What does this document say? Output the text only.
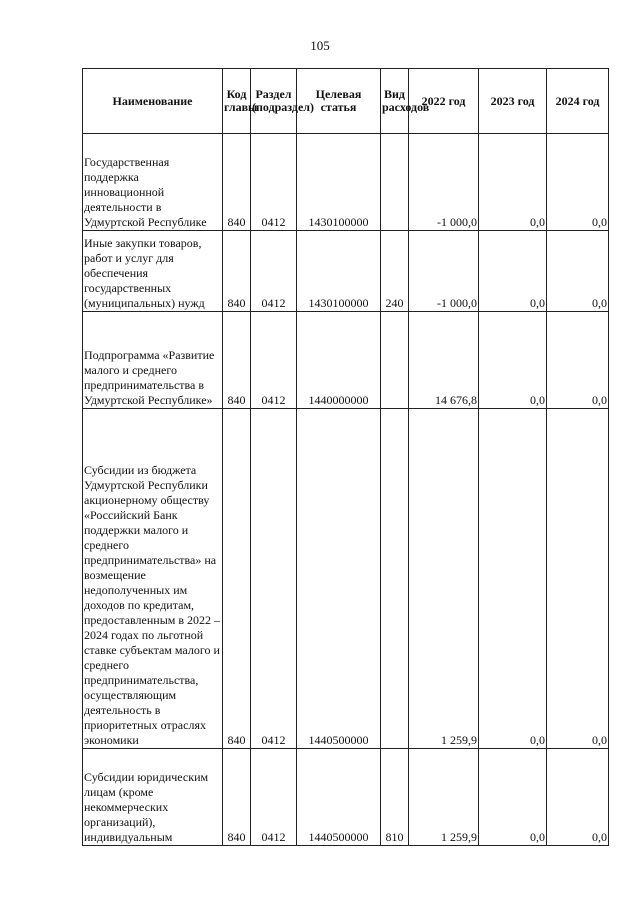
105
Наименование	Код главы	Раздел (подраздел)	Целевая статья	Вид расходов	2022 год	2023 год	2024 год
Государственная поддержка инновационной деятельности в Удмуртской Республике	840	0412	1430100000		-1 000,0	0,0	0,0
Иные закупки товаров, работ и услуг для обеспечения государственных (муниципальных) нужд	840	0412	1430100000	240	-1 000,0	0,0	0,0
Подпрограмма «Развитие малого и среднего предпринимательства в Удмуртской Республике»	840	0412	1440000000		14 676,8	0,0	0,0
Субсидии из бюджета Удмуртской Республики акционерному обществу «Российский Банк поддержки малого и среднего предпринимательства» на возмещение недополученных им доходов по кредитам, предоставленным в 2022 – 2024 годах по льготной ставке субъектам малого и среднего предпринимательства, осуществляющим деятельность в приоритетных отраслях экономики	840	0412	1440500000		1 259,9	0,0	0,0
Субсидии юридическим лицам (кроме некоммерческих организаций), индивидуальным	840	0412	1440500000	810	1 259,9	0,0	0,0
